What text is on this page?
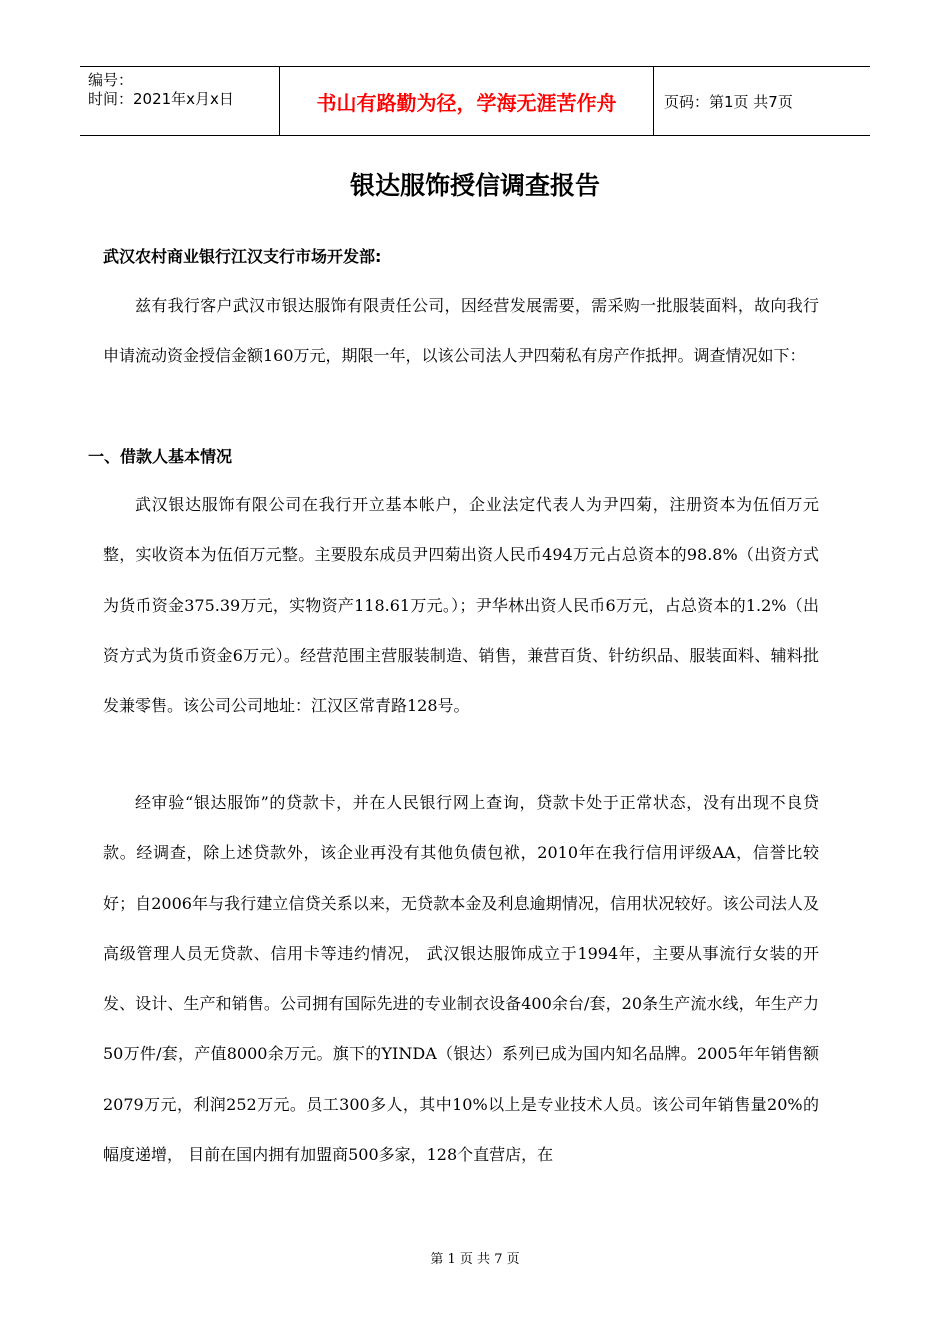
编号：
时间：2021年x月x日	书山有路勤为径，学海无涯苦作舟	页码：第1页 共7页
银达服饰授信调查报告
武汉农村商业银行江汉支行市场开发部:

兹有我行客户武汉市银达服饰有限责任公司，因经营发展需要，需采购一批服装面料，故向我行申请流动资金授信金额160万元，期限一年，以该公司法人尹四菊私有房产作抵押。调查情况如下：

一、借款人基本情况

武汉银达服饰有限公司在我行开立基本帐户，企业法定代表人为尹四菊，注册资本为伍佰万元整，实收资本为伍佰万元整。主要股东成员尹四菊出资人民币494万元占总资本的98.8%（出资方式为货币资金375.39万元，实物资产118.61万元。）；尹华林出资人民币6万元，占总资本的1.2%（出资方式为货币资金6万元）。经营范围主营服装制造、销售，兼营百货、针纺织品、服装面料、辅料批发兼零售。该公司公司地址：江汉区常青路128号。

经审验“银达服饰”的贷款卡，并在人民银行网上查询，贷款卡处于正常状态，没有出现不良贷款。经调查，除上述贷款外，该企业再没有其他负债包袱，2010年在我行信用评级AA，信誉比较好；自2006年与我行建立信贷关系以来，无贷款本金及利息逾期情况，信用状况较好。该公司法人及高级管理人员无贷款、信用卡等违约情况， 武汉银达服饰成立于1994年，主要从事流行女装的开发、设计、生产和销售。公司拥有国际先进的专业制衣设备400余台/套，20条生产流水线，年生产力50万件/套，产值8000余万元。旗下的YINDA（银达）系列已成为国内知名品牌。2005年年销售额2079万元，利润252万元。员工300多人，其中10%以上是专业技术人员。该公司年销售量20%的幅度递增， 目前在国内拥有加盟商500多家，128个直营店，在

第 1 页 共 7 页
